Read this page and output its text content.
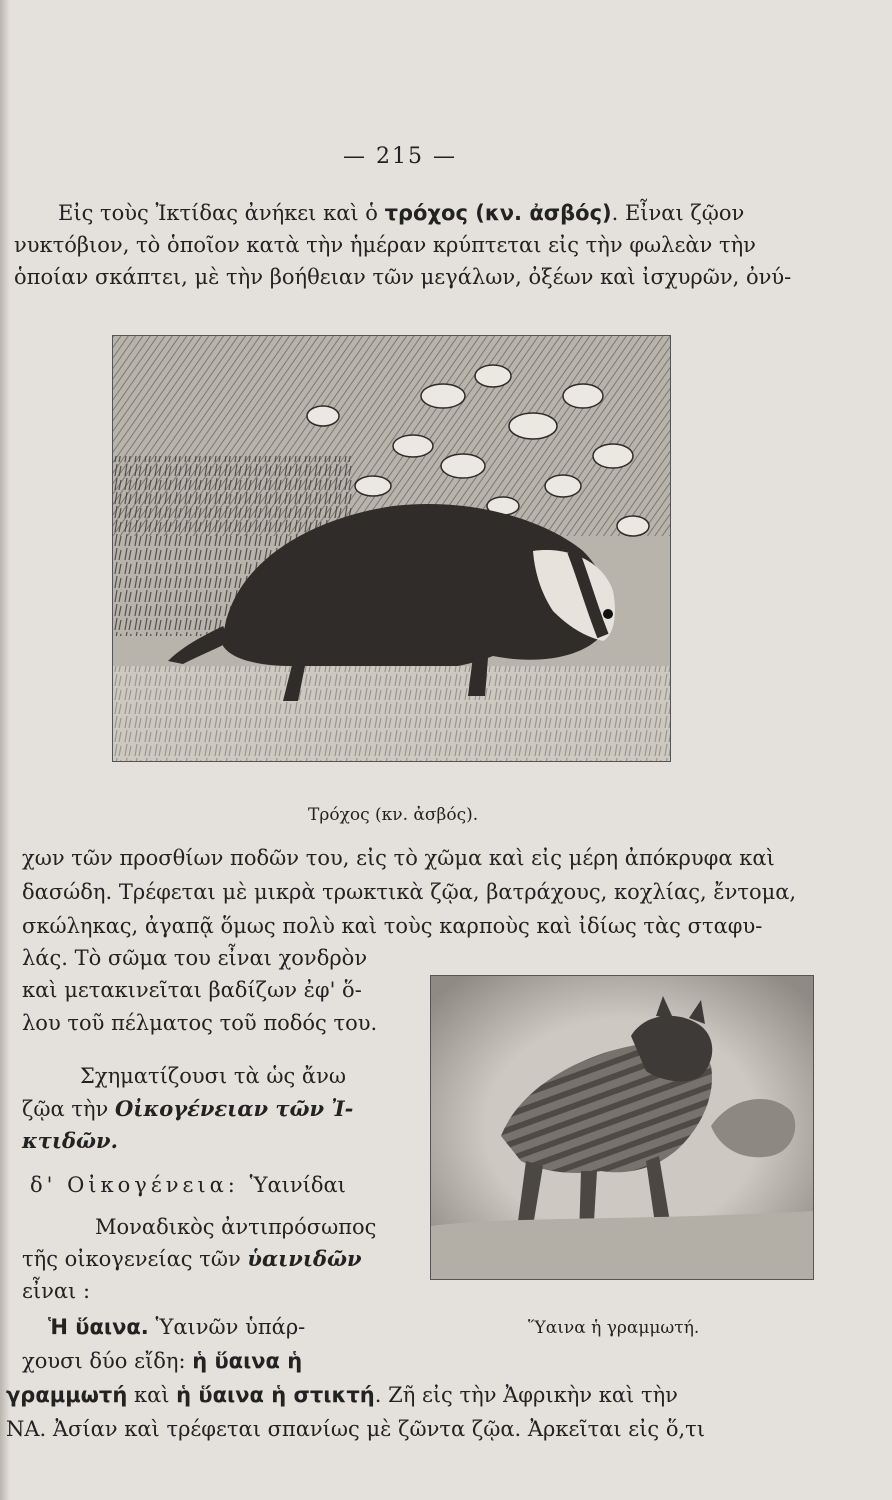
— 215 —
Εἰς τοὺς Ἰκτίδας ἀνήκει καὶ ὁ τρόχος (κν. ἀσβός). Εἶναι ζῷον
νυκτόβιον, τὸ ὁποῖον κατὰ τὴν ἡμέραν κρύπτεται εἰς τὴν φωλεὰν τὴν
ὁποίαν σκάπτει, μὲ τὴν βοήθειαν τῶν μεγάλων, ὀξέων καὶ ἰσχυρῶν, ὀνύ-
Τρόχος (κν. ἀσβός).
χων τῶν προσθίων ποδῶν του, εἰς τὸ χῶμα καὶ εἰς μέρη ἀπόκρυφα καὶ
δασώδη. Τρέφεται μὲ μικρὰ τρωκτικὰ ζῷα, βατράχους, κοχλίας, ἔντομα,
σκώληκας, ἀγαπᾷ ὅμως πολὺ καὶ τοὺς καρποὺς καὶ ἰδίως τὰς σταφυ-
λάς. Τὸ σῶμα του εἶναι χονδρὸν
καὶ μετακινεῖται βαδίζων ἐφ' ὅ-
λου τοῦ πέλματος τοῦ ποδός του.
Σχηματίζουσι τὰ ὡς ἄνω
ζῷα τὴν Οἰκογένειαν τῶν Ἰ-
κτιδῶν.
δ' Οἰκογένεια: Ὑαινίδαι
Μοναδικὸς ἀντιπρόσωπος
τῆς οἰκογενείας τῶν ὑαινιδῶν
εἶναι :
Ἡ ὕαινα. Ὑαινῶν ὑπάρ-
χουσι δύο εἴδη: ἡ ὕαινα ἡ
γραμμωτή καὶ ἡ ὕαινα ἡ στικτή. Ζῆ εἰς τὴν Ἀφρικὴν καὶ τὴν
ΝΑ. Ἀσίαν καὶ τρέφεται σπανίως μὲ ζῶντα ζῷα. Ἀρκεῖται εἰς ὅ,τι
Ὕαινα ἡ γραμμωτή.
